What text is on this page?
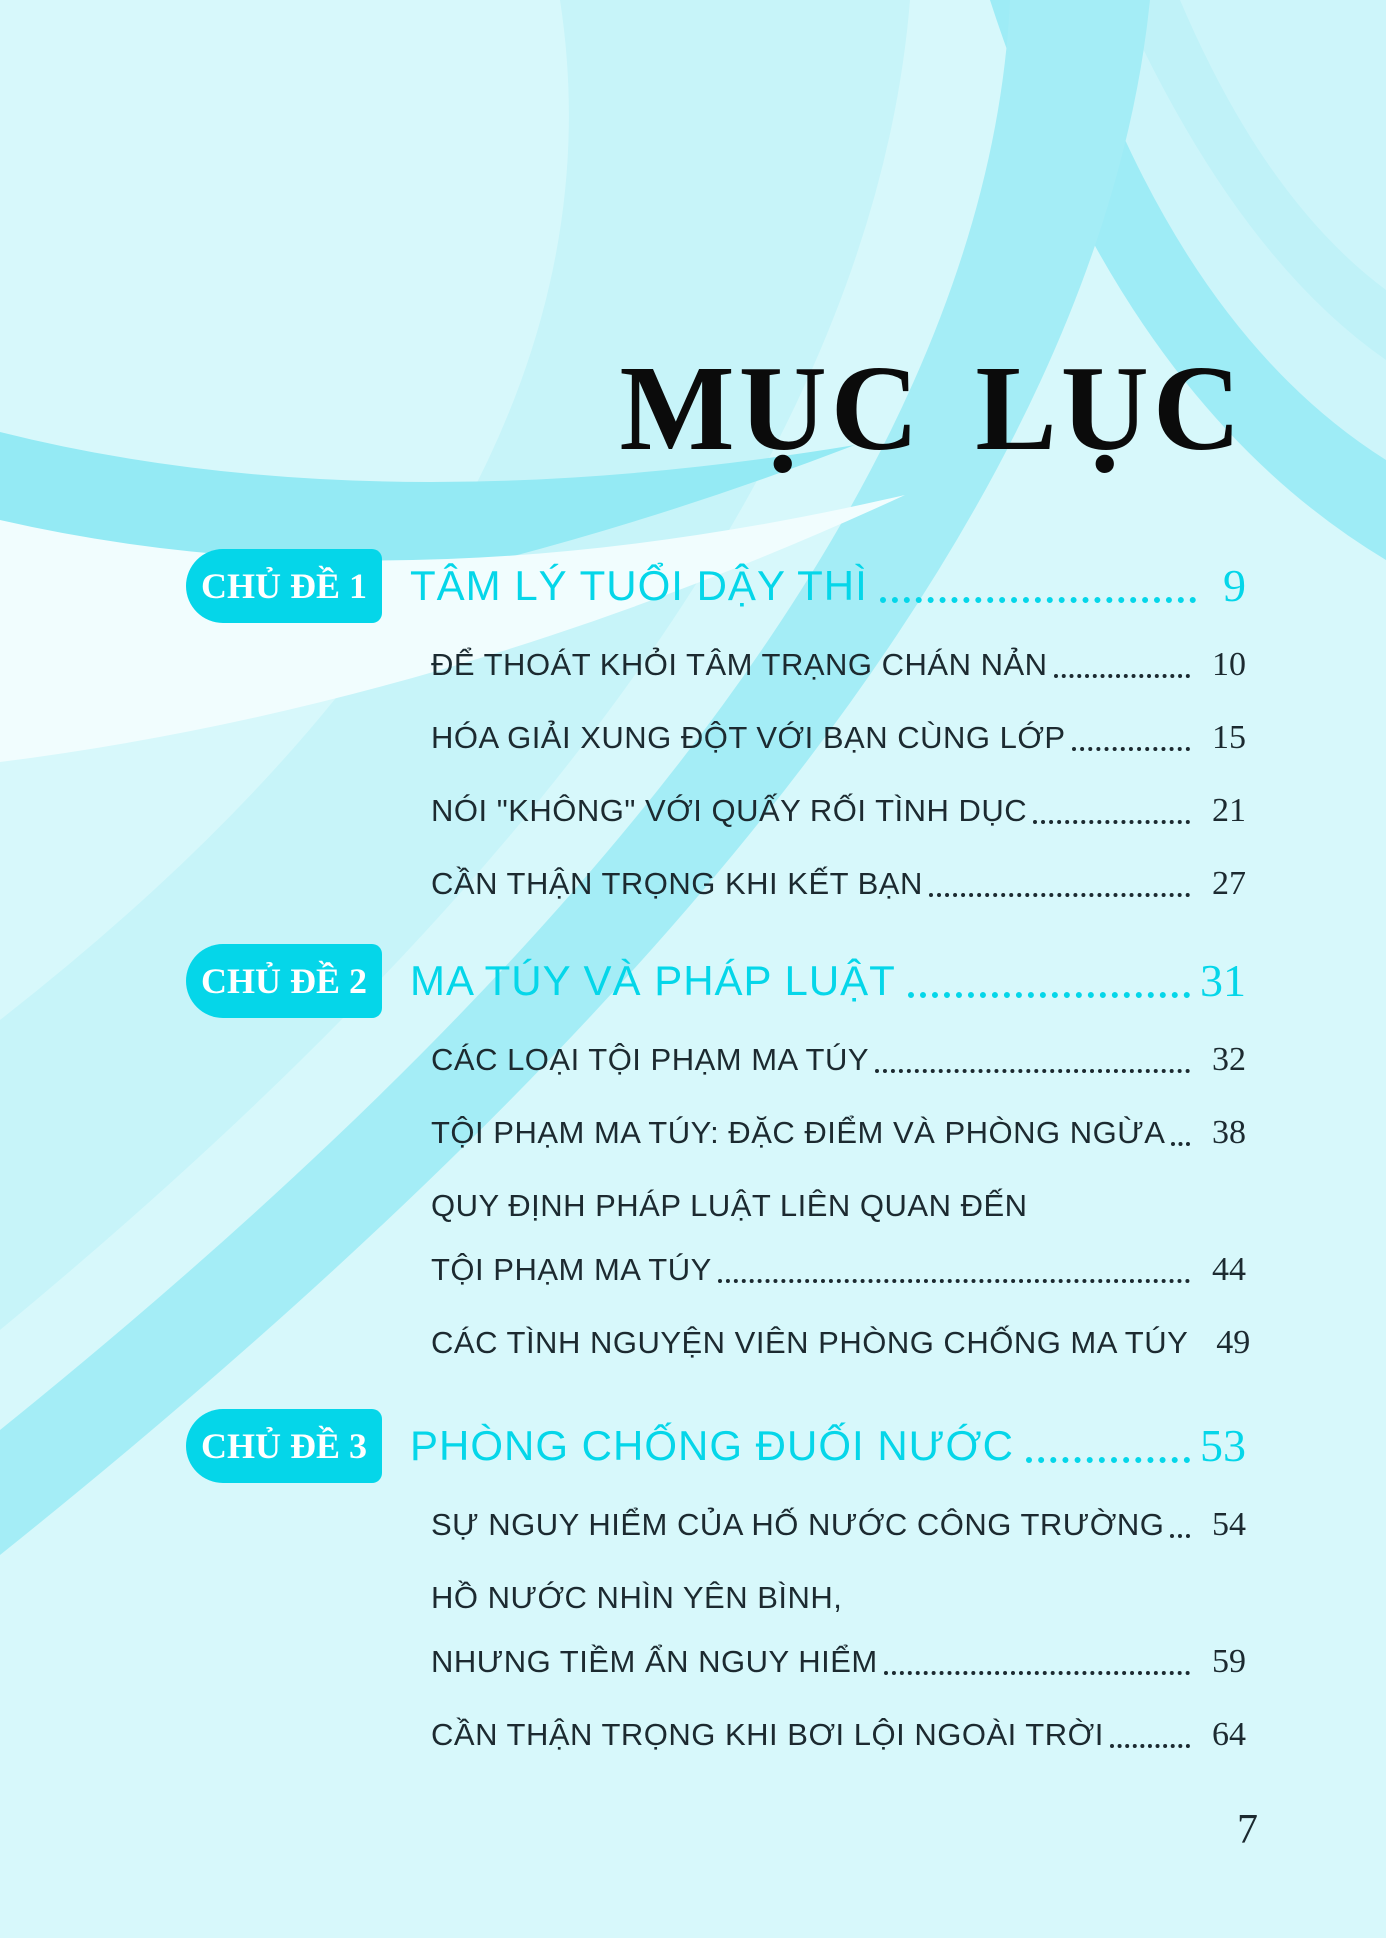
MỤC LỤC
CHỦ ĐỀ 1 TÂM LÝ TUỔI DẬY THÌ	9
ĐỂ THOÁT KHỎI TÂM TRẠNG CHÁN NẢN	10
HÓA GIẢI XUNG ĐỘT VỚI BẠN CÙNG LỚP	15
NÓI "KHÔNG" VỚI QUẤY RỐI TÌNH DỤC	21
CẦN THẬN TRỌNG KHI KẾT BẠN	27
CHỦ ĐỀ 2 MA TÚY VÀ PHÁP LUẬT	31
CÁC LOẠI TỘI PHẠM MA TÚY	32
TỘI PHẠM MA TÚY: ĐẶC ĐIỂM VÀ PHÒNG NGỪA	38
QUY ĐỊNH PHÁP LUẬT LIÊN QUAN ĐẾN
TỘI PHẠM MA TÚY	44
CÁC TÌNH NGUYỆN VIÊN PHÒNG CHỐNG MA TÚY 49
CHỦ ĐỀ 3 PHÒNG CHỐNG ĐUỐI NƯỚC	53
SỰ NGUY HIỂM CỦA HỐ NƯỚC CÔNG TRƯỜNG	54
HỒ NƯỚC NHÌN YÊN BÌNH,
NHƯNG TIỀM ẨN NGUY HIỂM	59
CẦN THẬN TRỌNG KHI BƠI LỘI NGOÀI TRỜI	64
7
